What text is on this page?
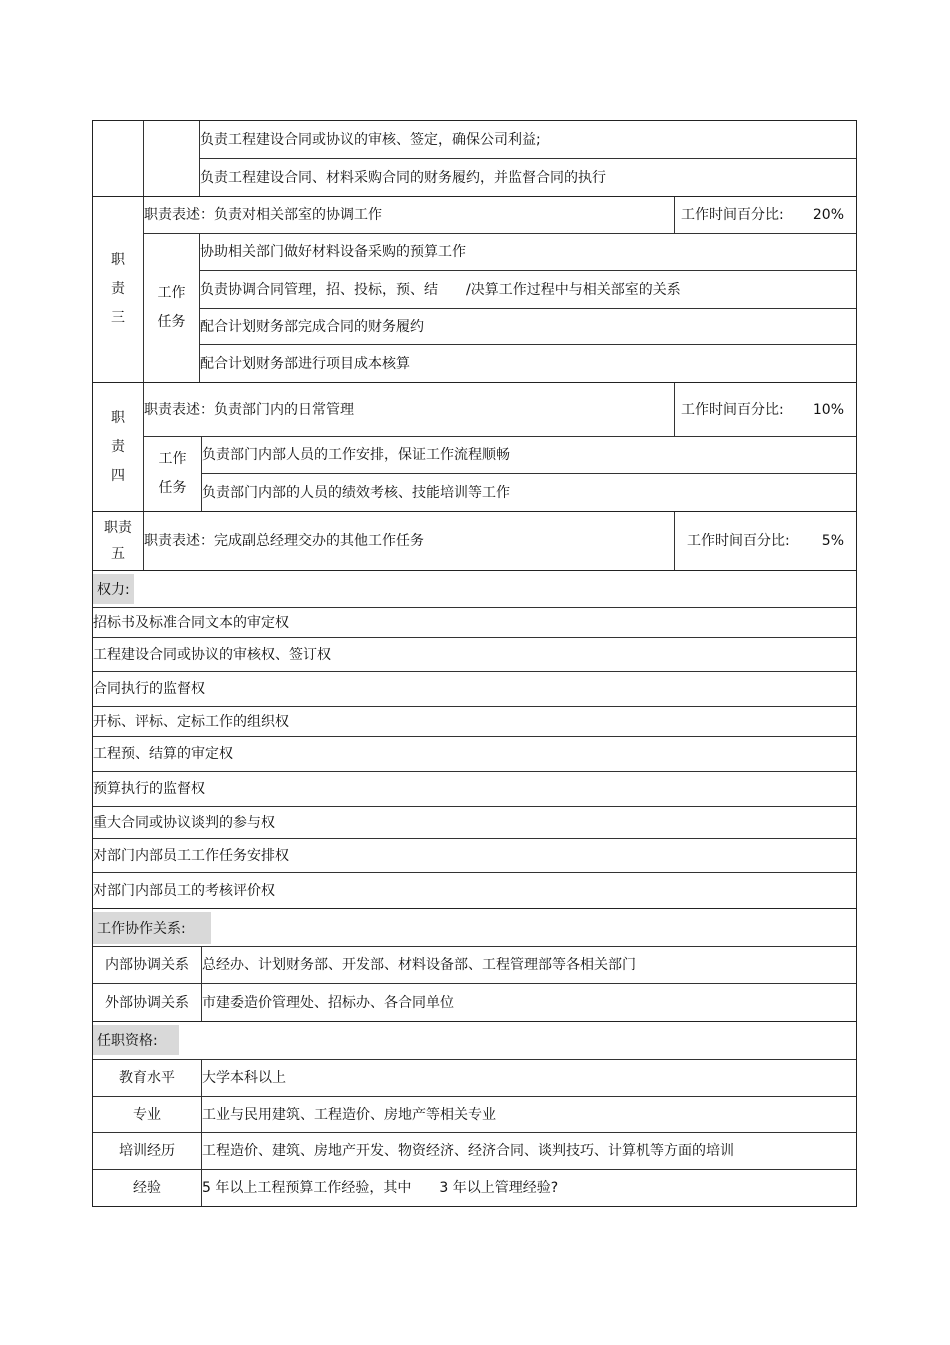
负责工程建设合同或协议的审核、签定，确保公司利益;
负责工程建设合同、材料采购合同的财务履约，并监督合同的执行
职
责
三
职责表述：负责对相关部室的协调工作	工作时间百分比: 20%
工作
任务
协助相关部门做好材料设备采购的预算工作
负责协调合同管理，招、投标，预、结　　/决算工作过程中与相关部室的关系
配合计划财务部完成合同的财务履约
配合计划财务部进行项目成本核算
职
责
四
职责表述：负责部门内的日常管理	工作时间百分比: 10%
工作
任务
负责部门内部人员的工作安排，保证工作流程顺畅
负责部门内部的人员的绩效考核、技能培训等工作
职责
五
职责表述：完成副总经理交办的其他工作任务	工作时间百分比: 5%
权力:
招标书及标准合同文本的审定权
工程建设合同或协议的审核权、签订权
合同执行的监督权
开标、评标、定标工作的组织权
工程预、结算的审定权
预算执行的监督权
重大合同或协议谈判的参与权
对部门内部员工工作任务安排权
对部门内部员工的考核评价权
工作协作关系:
内部协调关系 总经办、计划财务部、开发部、材料设备部、工程管理部等各相关部门
外部协调关系 市建委造价管理处、招标办、各合同单位
任职资格:
教育水平 大学本科以上
专业	工业与民用建筑、工程造价、房地产等相关专业
培训经历 工程造价、建筑、房地产开发、物资经济、经济合同、谈判技巧、计算机等方面的培训
经验	5 年以上工程预算工作经验，其中　　3 年以上管理经验?
